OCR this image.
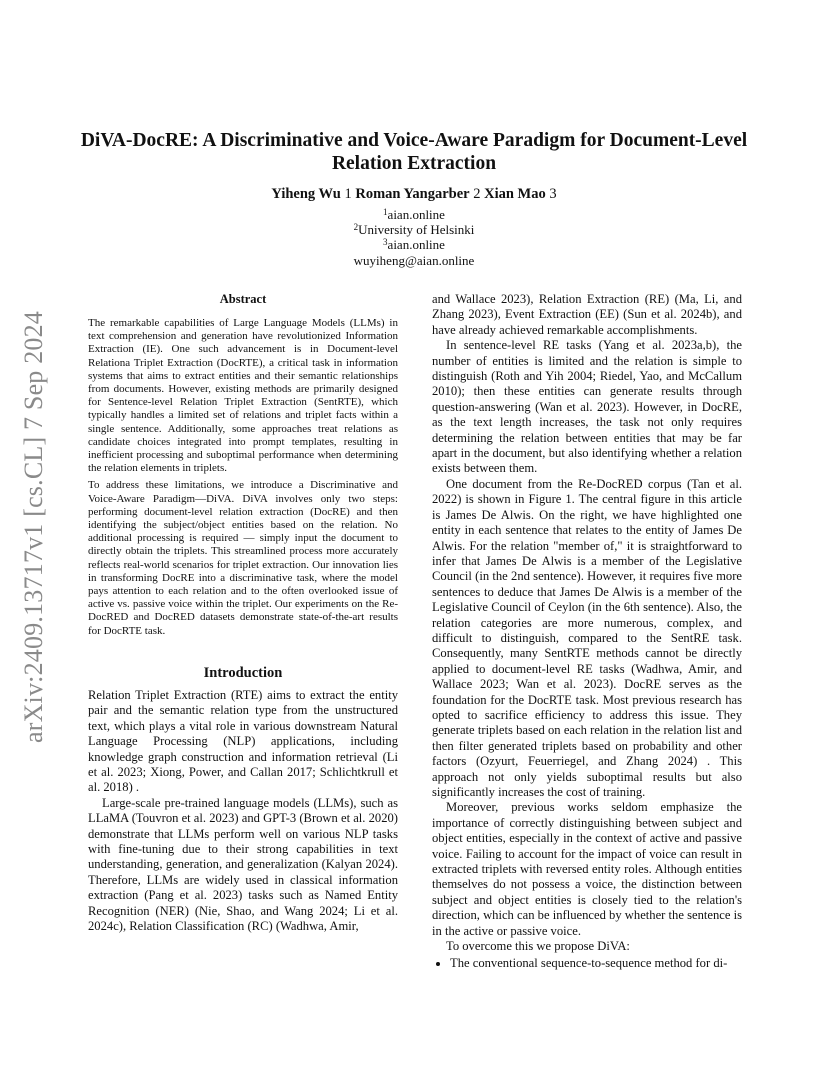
arXiv:2409.13717v1 [cs.CL] 7 Sep 2024
DiVA-DocRE: A Discriminative and Voice-Aware Paradigm for Document-Level Relation Extraction
Yiheng Wu 1 Roman Yangarber 2 Xian Mao 3
$^1$aian.online
$^2$University of Helsinki
$^3$aian.online
wuyiheng@aian.online
Abstract

The remarkable capabilities of Large Language Models (LLMs) in text comprehension and generation have revolutionized Information Extraction (IE). One such advancement is in Document-level Relationa Triplet Extraction (DocRTE), a critical task in information systems that aims to extract entities and their semantic relationships from documents. However, existing methods are primarily designed for Sentence-level Relation Triplet Extraction (SentRTE), which typically handles a limited set of relations and triplet facts within a single sentence. Additionally, some approaches treat relations as candidate choices integrated into prompt templates, resulting in inefficient processing and suboptimal performance when determining the relation elements in triplets.

To address these limitations, we introduce a Discriminative and Voice-Aware Paradigm—DiVA. DiVA involves only two steps: performing document-level relation extraction (DocRE) and then identifying the subject/object entities based on the relation. No additional processing is required — simply input the document to directly obtain the triplets. This streamlined process more accurately reflects real-world scenarios for triplet extraction. Our innovation lies in transforming DocRE into a discriminative task, where the model pays attention to each relation and to the often overlooked issue of active vs. passive voice within the triplet. Our experiments on the Re-DocRED and DocRED datasets demonstrate state-of-the-art results for DocRTE task.

Introduction

Relation Triplet Extraction (RTE) aims to extract the entity pair and the semantic relation type from the unstructured text, which plays a vital role in various downstream Natural Language Processing (NLP) applications, including knowledge graph construction and information retrieval (Li et al. 2023; Xiong, Power, and Callan 2017; Schlichtkrull et al. 2018) .

Large-scale pre-trained language models (LLMs), such as LLaMA (Touvron et al. 2023) and GPT-3 (Brown et al. 2020) demonstrate that LLMs perform well on various NLP tasks with fine-tuning due to their strong capabilities in text understanding, generation, and generalization (Kalyan 2024). Therefore, LLMs are widely used in classical information extraction (Pang et al. 2023) tasks such as Named Entity Recognition (NER) (Nie, Shao, and Wang 2024; Li et al. 2024c), Relation Classification (RC) (Wadhwa, Amir,

and Wallace 2023), Relation Extraction (RE) (Ma, Li, and Zhang 2023), Event Extraction (EE) (Sun et al. 2024b), and have already achieved remarkable accomplishments.

In sentence-level RE tasks (Yang et al. 2023a,b), the number of entities is limited and the relation is simple to distinguish (Roth and Yih 2004; Riedel, Yao, and McCallum 2010); then these entities can generate results through question-answering (Wan et al. 2023). However, in DocRE, as the text length increases, the task not only requires determining the relation between entities that may be far apart in the document, but also identifying whether a relation exists between them.

One document from the Re-DocRED corpus (Tan et al. 2022) is shown in Figure 1. The central figure in this article is James De Alwis. On the right, we have highlighted one entity in each sentence that relates to the entity of James De Alwis. For the relation "member of," it is straightforward to infer that James De Alwis is a member of the Legislative Council (in the 2nd sentence). However, it requires five more sentences to deduce that James De Alwis is a member of the Legislative Council of Ceylon (in the 6th sentence). Also, the relation categories are more numerous, complex, and difficult to distinguish, compared to the SentRE task. Consequently, many SentRTE methods cannot be directly applied to document-level RE tasks (Wadhwa, Amir, and Wallace 2023; Wan et al. 2023). DocRE serves as the foundation for the DocRTE task. Most previous research has opted to sacrifice efficiency to address this issue. They generate triplets based on each relation in the relation list and then filter generated triplets based on probability and other factors (Ozyurt, Feuerriegel, and Zhang 2024) . This approach not only yields suboptimal results but also significantly increases the cost of training.

Moreover, previous works seldom emphasize the importance of correctly distinguishing between subject and object entities, especially in the context of active and passive voice. Failing to account for the impact of voice can result in extracted triplets with reversed entity roles. Although entities themselves do not possess a voice, the distinction between subject and object entities is closely tied to the relation's direction, which can be influenced by whether the sentence is in the active or passive voice.

To overcome this we propose DiVA:

• The conventional sequence-to-sequence method for di-
